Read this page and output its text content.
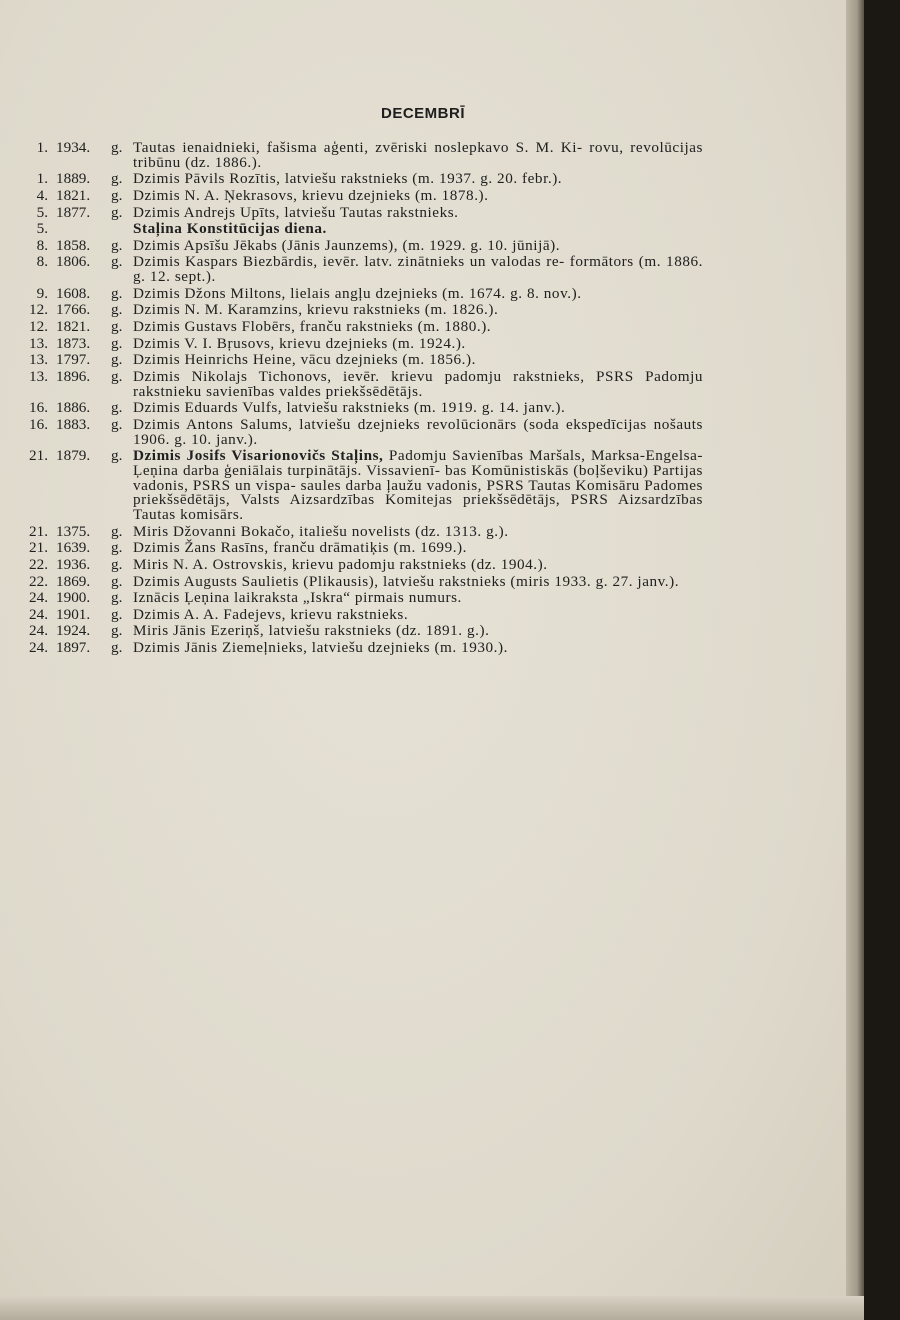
DECEMBRĪ
1. 1934. g. Tautas ienaidnieki, fašisma aģenti, zvēriski noslepkavo S. M. Ki- rovu, revolūcijas tribūnu (dz. 1886.).
1. 1889. g. Dzimis Pāvils Rozītis, latviešu rakstnieks (m. 1937. g. 20. febr.).
4. 1821. g. Dzimis N. A. Ņekrasovs, krievu dzejnieks (m. 1878.).
5. 1877. g. Dzimis Andrejs Upīts, latviešu Tautas rakstnieks.
5.	Staļina Konstitūcijas diena.
8. 1858. g. Dzimis Apsīšu Jēkabs (Jānis Jaunzems), (m. 1929. g. 10. jūnijā).
8. 1806. g. Dzimis Kaspars Biezbārdis, ievēr. latv. zinātnieks un valodas re- formātors (m. 1886. g. 12. sept.).
9. 1608. g. Dzimis Džons Miltons, lielais angļu dzejnieks (m. 1674. g. 8. nov.).
12. 1766. g. Dzimis N. M. Karamzins, krievu rakstnieks (m. 1826.).
12. 1821. g. Dzimis Gustavs Flobērs, franču rakstnieks (m. 1880.).
13. 1873. g. Dzimis V. I. Bŗusovs, krievu dzejnieks (m. 1924.).
13. 1797. g. Dzimis Heinrichs Heine, vācu dzejnieks (m. 1856.).
13. 1896. g. Dzimis Nikolajs Tichonovs, ievēr. krievu padomju rakstnieks, PSRS Padomju rakstnieku savienības valdes priekšsēdētājs.
16. 1886. g. Dzimis Eduards Vulfs, latviešu rakstnieks (m. 1919. g. 14. janv.).
16. 1883. g. Dzimis Antons Salums, latviešu dzejnieks revolūcionārs (soda ekspedīcijas nošauts 1906. g. 10. janv.).
21. 1879. g. Dzimis Josifs Visarionovičs Staļins, Padomju Savienības Maršals, Marksa-Engelsa-Ļeņina darba ģeniālais turpinātājs. Vissavienī- bas Komūnistiskās (boļševiku) Partijas vadonis, PSRS un vispa- saules darba ļaužu vadonis, PSRS Tautas Komisāru Padomes priekšsēdētājs, Valsts Aizsardzības Komitejas priekšsēdētājs, PSRS Aizsardzības Tautas komisārs.
21. 1375. g. Miris Džovanni Bokačo, italiešu novelists (dz. 1313. g.).
21. 1639. g. Dzimis Žans Rasīns, franču drāmatiķis (m. 1699.).
22. 1936. g. Miris N. A. Ostrovskis, krievu padomju rakstnieks (dz. 1904.).
22. 1869. g. Dzimis Augusts Saulietis (Plikausis), latviešu rakstnieks (miris 1933. g. 27. janv.).
24. 1900. g. Iznācis Ļeņina laikraksta „Iskra“ pirmais numurs.
24. 1901. g. Dzimis A. A. Fadejevs, krievu rakstnieks.
24. 1924. g. Miris Jānis Ezeriņš, latviešu rakstnieks (dz. 1891. g.).
24. 1897. g. Dzimis Jānis Ziemeļnieks, latviešu dzejnieks (m. 1930.).
